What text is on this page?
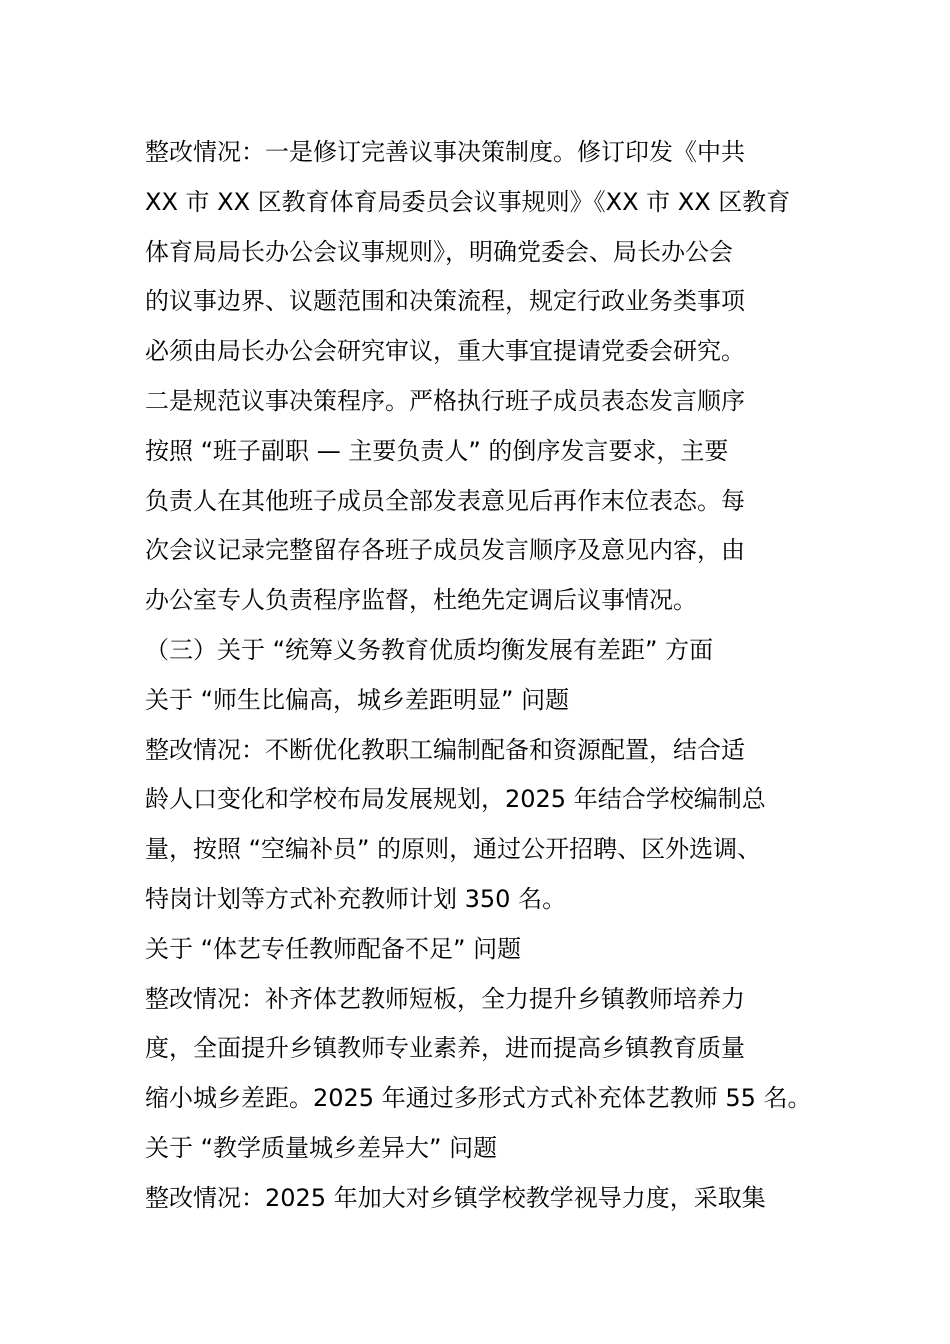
整改情况：一是修订完善议事决策制度。修订印发《中共
XX 市 XX 区教育体育局委员会议事规则》《XX 市 XX 区教育
体育局局长办公会议事规则》，明确党委会、局长办公会
的议事边界、议题范围和决策流程，规定行政业务类事项
必须由局长办公会研究审议，重大事宜提请党委会研究。
二是规范议事决策程序。严格执行班子成员表态发言顺序
按照 “班子副职 — 主要负责人” 的倒序发言要求，主要
负责人在其他班子成员全部发表意见后再作末位表态。每
次会议记录完整留存各班子成员发言顺序及意见内容，由
办公室专人负责程序监督，杜绝先定调后议事情况。
（三）关于 “统筹义务教育优质均衡发展有差距” 方面
关于 “师生比偏高，城乡差距明显” 问题
整改情况：不断优化教职工编制配备和资源配置，结合适
龄人口变化和学校布局发展规划，2025 年结合学校编制总
量，按照 “空编补员” 的原则，通过公开招聘、区外选调、
特岗计划等方式补充教师计划 350 名。
关于 “体艺专任教师配备不足” 问题
整改情况：补齐体艺教师短板，全力提升乡镇教师培养力
度，全面提升乡镇教师专业素养，进而提高乡镇教育质量
缩小城乡差距。2025 年通过多形式方式补充体艺教师 55 名。
关于 “教学质量城乡差异大” 问题
整改情况：2025 年加大对乡镇学校教学视导力度，采取集
